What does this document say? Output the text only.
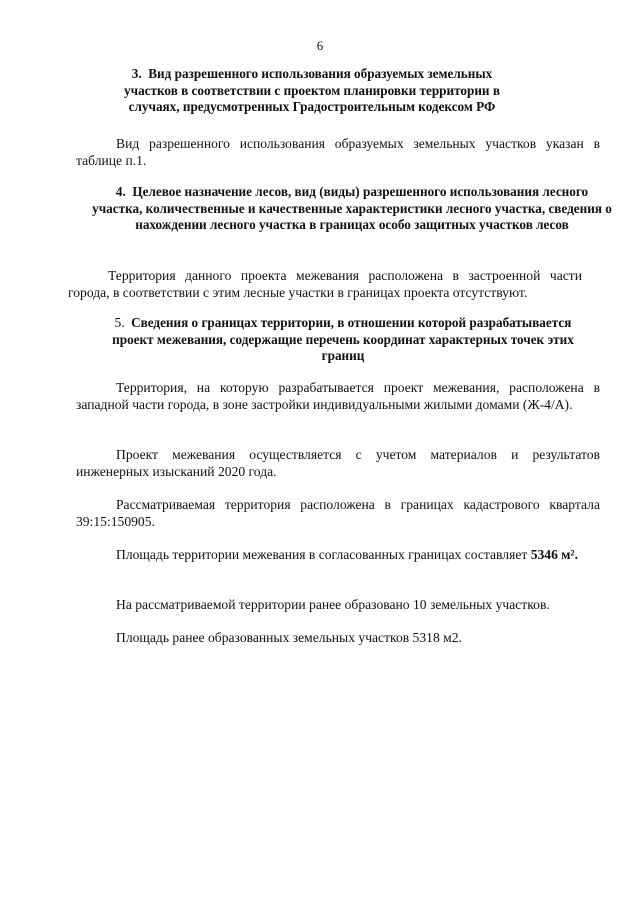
6
3. Вид разрешенного использования образуемых земельных участков в соответствии с проектом планировки территории в случаях, предусмотренных Градостроительным кодексом РФ
Вид разрешенного использования образуемых земельных участков указан в таблице п.1.
4. Целевое назначение лесов, вид (виды) разрешенного использования лесного участка, количественные и качественные характеристики лесного участка, сведения о нахождении лесного участка в границах особо защитных участков лесов
Территория данного проекта межевания расположена в застроенной части города, в соответствии с этим лесные участки в границах проекта отсутствуют.
5. Сведения о границах территории, в отношении которой разрабатывается проект межевания, содержащие перечень координат характерных точек этих границ
Территория, на которую разрабатывается проект межевания, расположена в западной части города, в зоне застройки индивидуальными жилыми домами (Ж-4/А).
Проект межевания осуществляется с учетом материалов и результатов инженерных изысканий 2020 года.
Рассматриваемая территория расположена в границах кадастрового квартала 39:15:150905.
Площадь территории межевания в согласованных границах составляет 5346 м².
На рассматриваемой территории ранее образовано 10 земельных участков.
Площадь ранее образованных земельных участков 5318 м2.
